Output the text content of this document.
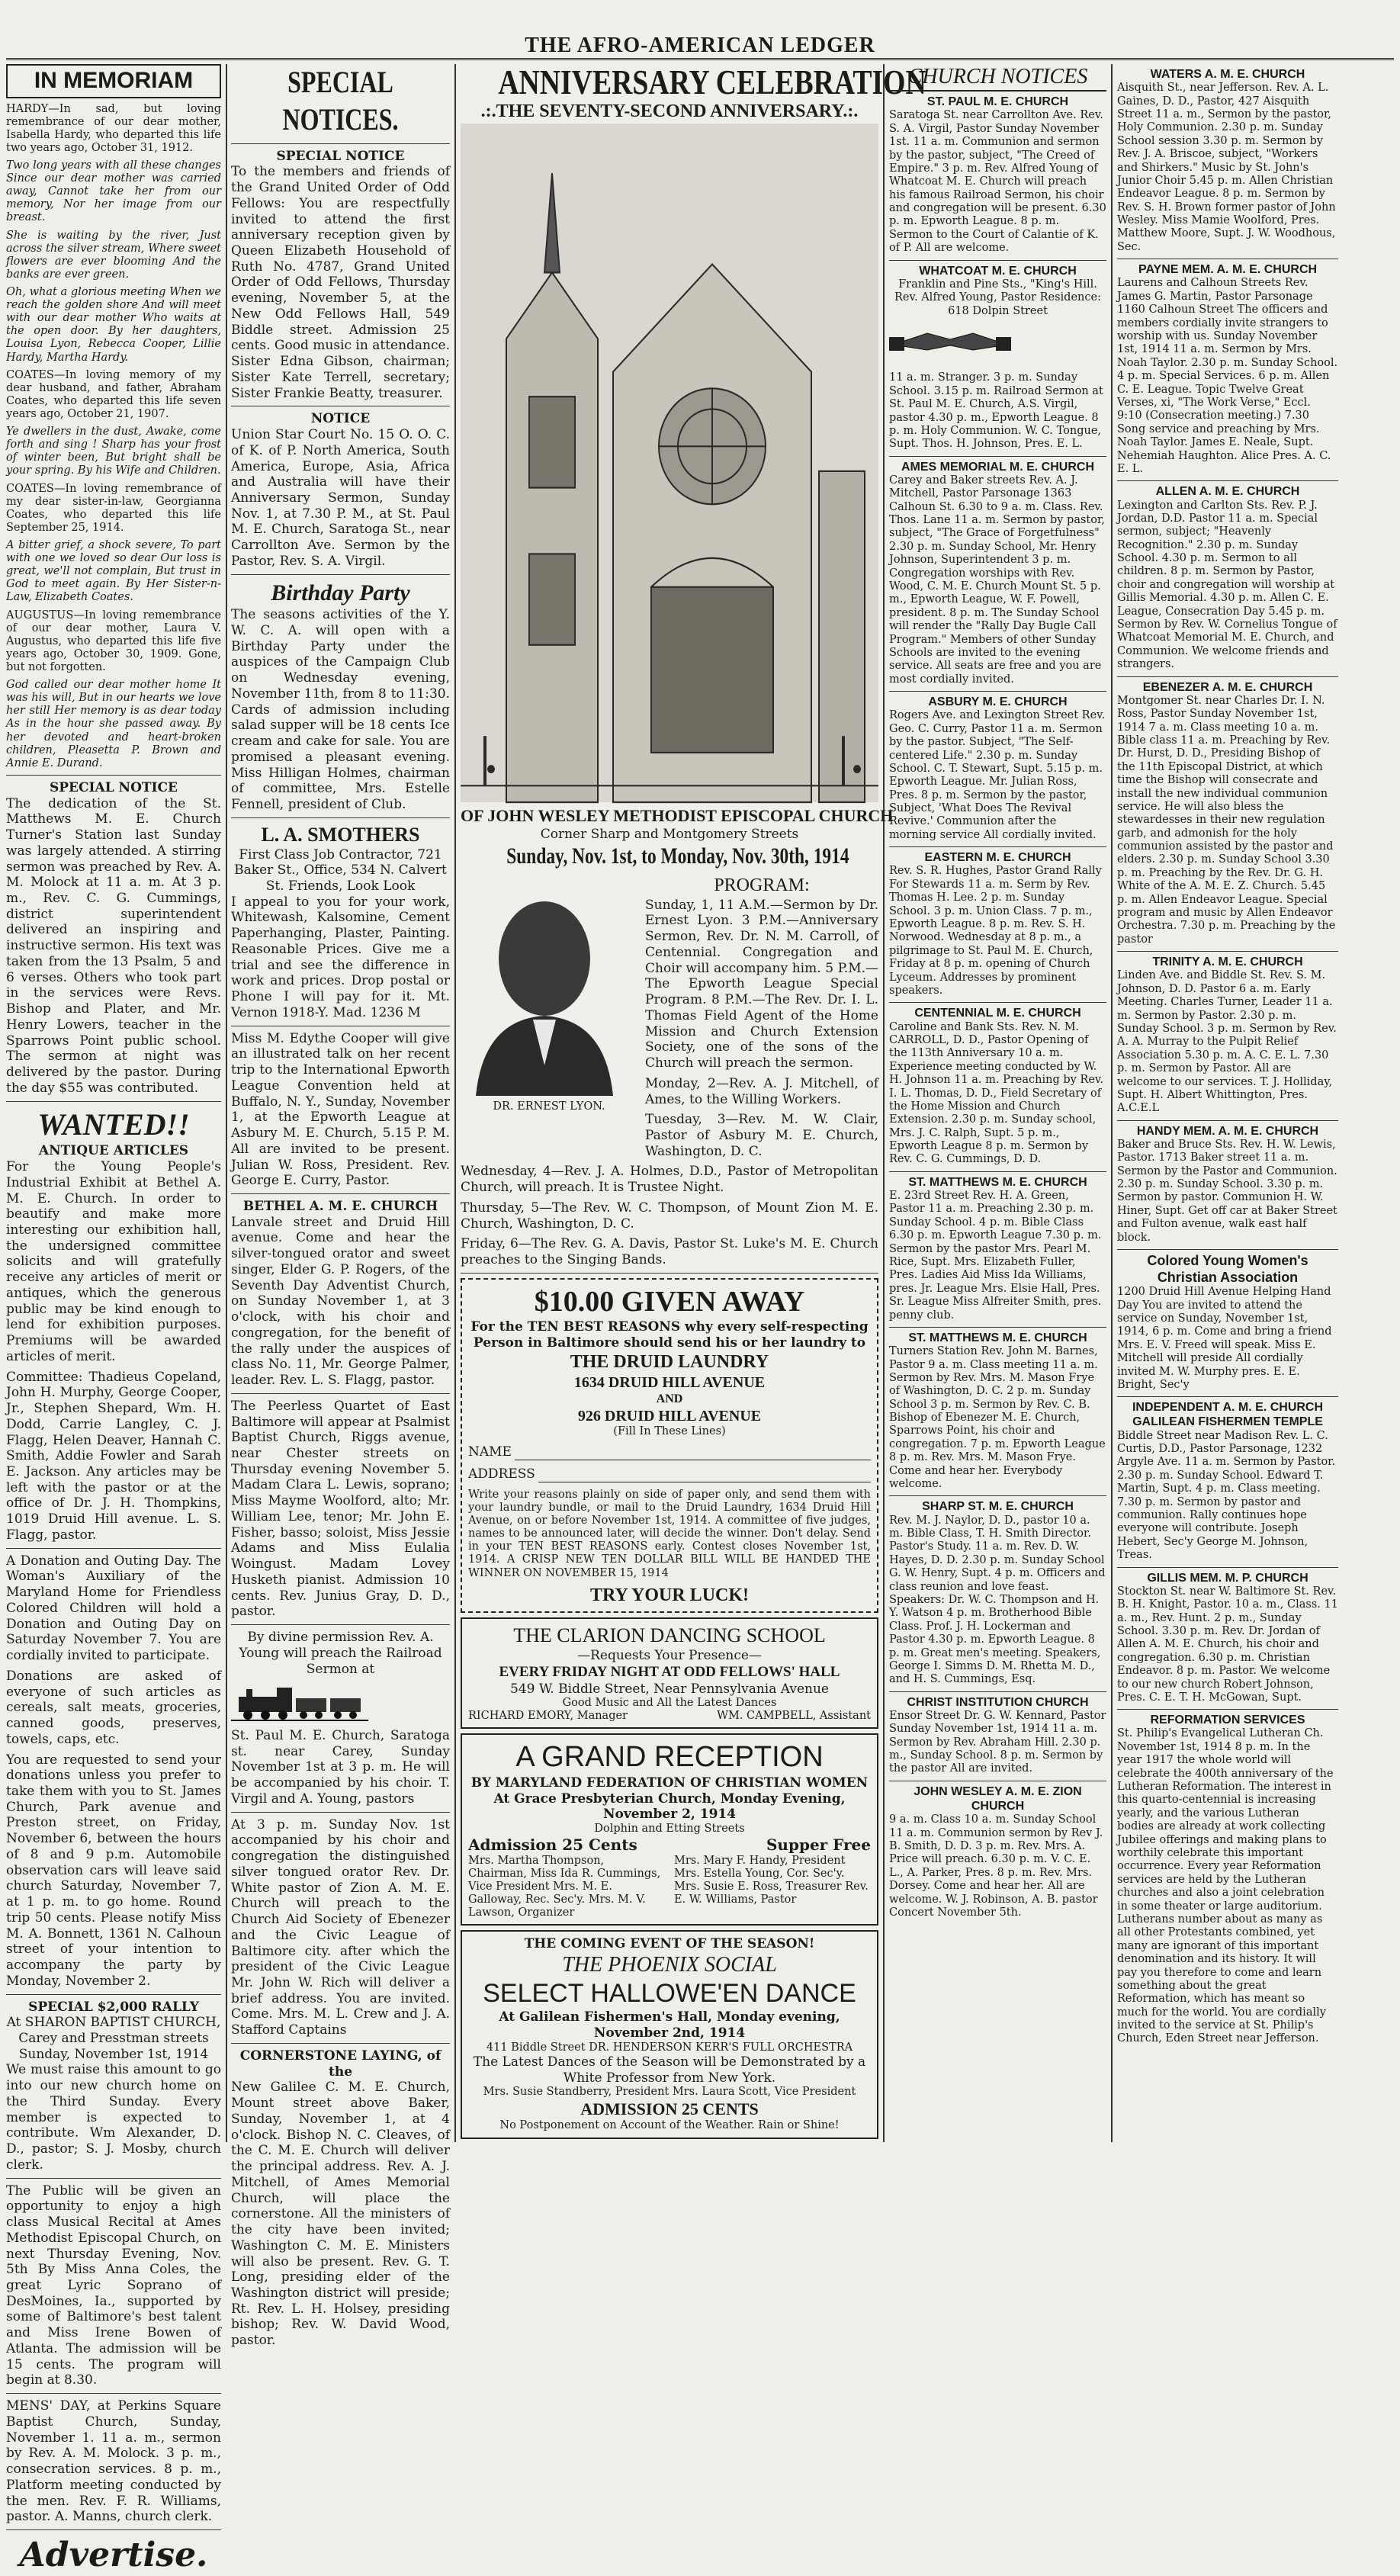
THE AFRO-AMERICAN LEDGER
IN MEMORIAM

HARDY—In sad, but loving remembrance of our dear mother, Isabella Hardy, who departed this life two years ago, October 31, 1912.

Two long years with all these changes Since our dear mother was carried away, Cannot take her from our memory, Nor her image from our breast.

She is waiting by the river, Just across the silver stream, Where sweet flowers are ever blooming And the banks are ever green.

Oh, what a glorious meeting When we reach the golden shore And will meet with our dear mother Who waits at the open door. By her daughters, Louisa Lyon, Rebecca Cooper, Lillie Hardy, Martha Hardy.

COATES—In loving memory of my dear husband, and father, Abraham Coates, who departed this life seven years ago, October 21, 1907.

Ye dwellers in the dust, Awake, come forth and sing ! Sharp has your frost of winter been, But bright shall be your spring. By his Wife and Children.

COATES—In loving remembrance of my dear sister-in-law, Georgianna Coates, who departed this life September 25, 1914.

A bitter grief, a shock severe, To part with one we loved so dear Our loss is great, we'll not complain, But trust in God to meet again. By Her Sister-n-Law, Elizabeth Coates.

AUGUSTUS—In loving remembrance of our dear mother, Laura V. Augustus, who departed this life five years ago, October 30, 1909. Gone, but not forgotten.

God called our dear mother home It was his will, But in our hearts we love her still Her memory is as dear today As in the hour she passed away. By her devoted and heart-broken children, Pleasetta P. Brown and Annie E. Durand.

SPECIAL NOTICE

The dedication of the St. Matthews M. E. Church Turner's Station last Sunday was largely attended. A stirring sermon was preached by Rev. A. M. Molock at 11 a. m. At 3 p. m., Rev. C. G. Cummings, district superintendent delivered an inspiring and instructive sermon. His text was taken from the 13 Psalm, 5 and 6 verses. Others who took part in the services were Revs. Bishop and Plater, and Mr. Henry Lowers, teacher in the Sparrows Point public school. The sermon at night was delivered by the pastor. During the day $55 was contributed.

WANTED!!
ANTIQUE ARTICLES

For the Young People's Industrial Exhibit at Bethel A. M. E. Church. In order to beautify and make more interesting our exhibition hall, the undersigned committee solicits and will gratefully receive any articles of merit or antiques, which the generous public may be kind enough to lend for exhibition purposes. Premiums will be awarded articles of merit.

Committee: Thadieus Copeland, John H. Murphy, George Cooper, Jr., Stephen Shepard, Wm. H. Dodd, Carrie Langley, C. J. Flagg, Helen Deaver, Hannah C. Smith, Addie Fowler and Sarah E. Jackson. Any articles may be left with the pastor or at the office of Dr. J. H. Thompkins, 1019 Druid Hill avenue. L. S. Flagg, pastor.

A Donation and Outing Day. The Woman's Auxiliary of the Maryland Home for Friendless Colored Children will hold a Donation and Outing Day on Saturday November 7. You are cordially invited to participate.

Donations are asked of everyone of such articles as cereals, salt meats, groceries, canned goods, preserves, towels, caps, etc.

You are requested to send your donations unless you prefer to take them with you to St. James Church, Park avenue and Preston street, on Friday, November 6, between the hours of 8 and 9 p.m. Automobile observation cars will leave said church Saturday, November 7, at 1 p. m. to go home. Round trip 50 cents. Please notify Miss M. A. Bonnett, 1361 N. Calhoun street of your intention to accompany the party by Monday, November 2.

SPECIAL $2,000 RALLY
At SHARON BAPTIST CHURCH, Carey and Presstman streets Sunday, November 1st, 1914

We must raise this amount to go into our new church home on the Third Sunday. Every member is expected to contribute. Wm Alexander, D. D., pastor; S. J. Mosby, church clerk.

The Public will be given an opportunity to enjoy a high class Musical Recital at Ames Methodist Episcopal Church, on next Thursday Evening, Nov. 5th By Miss Anna Coles, the great Lyric Soprano of DesMoines, Ia., supported by some of Baltimore's best talent and Miss Irene Bowen of Atlanta. The admission will be 15 cents. The program will begin at 8.30.

MENS' DAY, at Perkins Square Baptist Church, Sunday, November 1. 11 a. m., sermon by Rev. A. M. Molock. 3 p. m., consecration services. 8 p. m., Platform meeting conducted by the men. Rev. F. R. Williams, pastor. A. Manns, church clerk.

Advertise.
SPECIAL NOTICES.
SPECIAL NOTICE

To the members and friends of the Grand United Order of Odd Fellows: You are respectfully invited to attend the first anniversary reception given by Queen Elizabeth Household of Ruth No. 4787, Grand United Order of Odd Fellows, Thursday evening, November 5, at the New Odd Fellows Hall, 549 Biddle street. Admission 25 cents. Good music in attendance. Sister Edna Gibson, chairman; Sister Kate Terrell, secretary; Sister Frankie Beatty, treasurer.

NOTICE

Union Star Court No. 15 O. O. C. of K. of P. North America, South America, Europe, Asia, Africa and Australia will have their Anniversary Sermon, Sunday Nov. 1, at 7.30 P. M., at St. Paul M. E. Church, Saratoga St., near Carrollton Ave. Sermon by the Pastor, Rev. S. A. Virgil.

Birthday Party

The seasons activities of the Y. W. C. A. will open with a Birthday Party under the auspices of the Campaign Club on Wednesday evening, November 11th, from 8 to 11:30. Cards of admission including salad supper will be 18 cents Ice cream and cake for sale. You are promised a pleasant evening. Miss Hilligan Holmes, chairman of committee, Mrs. Estelle Fennell, president of Club.

L. A. SMOTHERS
First Class Job Contractor, 721 Baker St., Office, 534 N. Calvert St. Friends, Look Look

I appeal to you for your work, Whitewash, Kalsomine, Cement Paperhanging, Plaster, Painting. Reasonable Prices. Give me a trial and see the difference in work and prices. Drop postal or Phone I will pay for it. Mt. Vernon 1918-Y. Mad. 1236 M

Miss M. Edythe Cooper will give an illustrated talk on her recent trip to the International Epworth League Convention held at Buffalo, N. Y., Sunday, November 1, at the Epworth League at Asbury M. E. Church, 5.15 P. M. All are invited to be present. Julian W. Ross, President. Rev. George E. Curry, Pastor.

BETHEL A. M. E. CHURCH

Lanvale street and Druid Hill avenue. Come and hear the silver-tongued orator and sweet singer, Elder G. P. Rogers, of the Seventh Day Adventist Church, on Sunday November 1, at 3 o'clock, with his choir and congregation, for the benefit of the rally under the auspices of class No. 11, Mr. George Palmer, leader. Rev. L. S. Flagg, pastor.

The Peerless Quartet of East Baltimore will appear at Psalmist Baptist Church, Riggs avenue, near Chester streets on Thursday evening November 5. Madam Clara L. Lewis, soprano; Miss Mayme Woolford, alto; Mr. William Lee, tenor; Mr. John E. Fisher, basso; soloist, Miss Jessie Adams and Miss Eulalia Woingust. Madam Lovey Husketh pianist. Admission 10 cents. Rev. Junius Gray, D. D., pastor.

By divine permission Rev. A. Young will preach the Railroad Sermon at

St. Paul M. E. Church, Saratoga st. near Carey, Sunday November 1st at 3 p. m. He will be accompanied by his choir. T. Virgil and A. Young, pastors

At 3 p. m. Sunday Nov. 1st accompanied by his choir and congregation the distinguished silver tongued orator Rev. Dr. White pastor of Zion A. M. E. Church will preach to the Church Aid Society of Ebenezer and the Civic League of Baltimore city. after which the president of the Civic League Mr. John W. Rich will deliver a brief address. You are invited. Come. Mrs. M. L. Crew and J. A. Stafford Captains

CORNERSTONE LAYING, of the

New Galilee C. M. E. Church, Mount street above Baker, Sunday, November 1, at 4 o'clock. Bishop N. C. Cleaves, of the C. M. E. Church will deliver the principal address. Rev. A. J. Mitchell, of Ames Memorial Church, will place the cornerstone. All the ministers of the city have been invited; Washington C. M. E. Ministers will also be present. Rev. G. T. Long, presiding elder of the Washington district will preside; Rt. Rev. L. H. Holsey, presiding bishop; Rev. W. David Wood, pastor.

ANNIVERSARY CELEBRATION
.:.THE SEVENTY-SECOND ANNIVERSARY.:.
OF JOHN WESLEY METHODIST EPISCOPAL CHURCH
Corner Sharp and Montgomery Streets
Sunday, Nov. 1st, to Monday, Nov. 30th, 1914
DR. ERNEST LYON.
PROGRAM:

Sunday, 1, 11 A.M.—Sermon by Dr. Ernest Lyon. 3 P.M.—Anniversary Sermon, Rev. Dr. N. M. Carroll, of Centennial. Congregation and Choir will accompany him. 5 P.M.—The Epworth League Special Program. 8 P.M.—The Rev. Dr. I. L. Thomas Field Agent of the Home Mission and Church Extension Society, one of the sons of the Church will preach the sermon.

Monday, 2—Rev. A. J. Mitchell, of Ames, to the Willing Workers.

Tuesday, 3—Rev. M. W. Clair, Pastor of Asbury M. E. Church, Washington, D. C.

Wednesday, 4—Rev. J. A. Holmes, D.D., Pastor of Metropolitan Church, will preach. It is Trustee Night.

Thursday, 5—The Rev. W. C. Thompson, of Mount Zion M. E. Church, Washington, D. C.

Friday, 6—The Rev. G. A. Davis, Pastor St. Luke's M. E. Church preaches to the Singing Bands.

$10.00 GIVEN AWAY
For the TEN BEST REASONS why every self-respecting Person in Baltimore should send his or her laundry to
THE DRUID LAUNDRY
1634 DRUID HILL AVENUE
AND
926 DRUID HILL AVENUE
(Fill In These Lines)
NAME
ADDRESS

Write your reasons plainly on side of paper only, and send them with your laundry bundle, or mail to the Druid Laundry, 1634 Druid Hill Avenue, on or before November 1st, 1914. A committee of five judges, names to be announced later, will decide the winner. Don't delay. Send in your TEN BEST REASONS early. Contest closes November 1st, 1914. A CRISP NEW TEN DOLLAR BILL WILL BE HANDED THE WINNER ON NOVEMBER 15, 1914

TRY YOUR LUCK!
THE CLARION DANCING SCHOOL
—Requests Your Presence—
EVERY FRIDAY NIGHT AT ODD FELLOWS' HALL
549 W. Biddle Street, Near Pennsylvania Avenue
Good Music and All the Latest Dances
RICHARD EMORY, Manager	WM. CAMPBELL, Assistant
A GRAND RECEPTION
BY MARYLAND FEDERATION OF CHRISTIAN WOMEN
At Grace Presbyterian Church, Monday Evening, November 2, 1914
Dolphin and Etting Streets
Admission 25 Cents	Supper Free
Mrs. Martha Thompson, Chairman, Miss Ida R. Cummings, Vice President Mrs. M. E. Galloway, Rec. Sec'y. Mrs. M. V. Lawson, Organizer
Mrs. Mary F. Handy, President Mrs. Estella Young, Cor. Sec'y. Mrs. Susie E. Ross, Treasurer Rev. E. W. Williams, Pastor
THE COMING EVENT OF THE SEASON!
THE PHOENIX SOCIAL
SELECT HALLOWE'EN DANCE
At Galilean Fishermen's Hall, Monday evening, November 2nd, 1914
411 Biddle Street DR. HENDERSON KERR'S FULL ORCHESTRA
The Latest Dances of the Season will be Demonstrated by a White Professor from New York.
Mrs. Susie Standberry, President Mrs. Laura Scott, Vice President
ADMISSION 25 CENTS
No Postponement on Account of the Weather. Rain or Shine!
CHURCH NOTICES
ST. PAUL M. E. CHURCH
Saratoga St. near Carrollton Ave. Rev. S. A. Virgil, Pastor Sunday November 1st. 11 a. m. Communion and sermon by the pastor, subject, "The Creed of Empire." 3 p. m. Rev. Alfred Young of Whatcoat M. E. Church will preach his famous Railroad Sermon, his choir and congregation will be present. 6.30 p. m. Epworth League. 8 p. m. Sermon to the Court of Calantie of K. of P. All are welcome.
WHATCOAT M. E. CHURCH
Franklin and Pine Sts., "King's Hill. Rev. Alfred Young, Pastor Residence: 618 Dolpin Street
11 a. m. Stranger. 3 p. m. Sunday School. 3.15 p. m. Railroad Sermon at St. Paul M. E. Church, A.S. Virgil, pastor 4.30 p. m., Epworth League. 8 p. m. Holy Communion. W. C. Tongue, Supt. Thos. H. Johnson, Pres. E. L.
AMES MEMORIAL M. E. CHURCH
Carey and Baker streets Rev. A. J. Mitchell, Pastor Parsonage 1363 Calhoun St. 6.30 to 9 a. m. Class. Rev. Thos. Lane 11 a. m. Sermon by pastor, subject, "The Grace of Forgetfulness" 2.30 p. m. Sunday School, Mr. Henry Johnson, Superintendent 3 p. m. Congregation worships with Rev. Wood, C. M. E. Church Mount St. 5 p. m., Epworth League, W. F. Powell, president. 8 p. m. The Sunday School will render the "Rally Day Bugle Call Program." Members of other Sunday Schools are invited to the evening service. All seats are free and you are most cordially invited.
ASBURY M. E. CHURCH
Rogers Ave. and Lexington Street Rev. Geo. C. Curry, Pastor 11 a. m. Sermon by the pastor. Subject, "The Self-centered Life." 2.30 p. m. Sunday School. C. T. Stewart, Supt. 5.15 p. m. Epworth League. Mr. Julian Ross, Pres. 8 p. m. Sermon by the pastor, Subject, 'What Does The Revival Revive.' Communion after the morning service All cordially invited.
EASTERN M. E. CHURCH
Rev. S. R. Hughes, Pastor Grand Rally For Stewards 11 a. m. Serm by Rev. Thomas H. Lee. 2 p. m. Sunday School. 3 p. m. Union Class. 7 p. m., Epworth League. 8 p. m. Rev. S. H. Norwood. Wednesday at 8 p. m., a pilgrimage to St. Paul M. E. Church, Friday at 8 p. m. opening of Church Lyceum. Addresses by prominent speakers.
CENTENNIAL M. E. CHURCH
Caroline and Bank Sts. Rev. N. M. CARROLL, D. D., Pastor Opening of the 113th Anniversary 10 a. m. Experience meeting conducted by W. H. Johnson 11 a. m. Preaching by Rev. I. L. Thomas, D. D., Field Secretary of the Home Mission and Church Extension. 2.30 p. m. Sunday school, Mrs. J. C. Ralph, Supt. 5 p. m., Epworth League 8 p. m. Sermon by Rev. C. G. Cummings, D. D.
ST. MATTHEWS M. E. CHURCH
E. 23rd Street Rev. H. A. Green, Pastor 11 a. m. Preaching 2.30 p. m. Sunday School. 4 p. m. Bible Class 6.30 p. m. Epworth League 7.30 p. m. Sermon by the pastor Mrs. Pearl M. Rice, Supt. Mrs. Elizabeth Fuller, Pres. Ladies Aid Miss Ida Williams, pres. Jr. League Mrs. Elsie Hall, Pres. Sr. League Miss Alfreiter Smith, pres. penny club.
ST. MATTHEWS M. E. CHURCH
Turners Station Rev. John M. Barnes, Pastor 9 a. m. Class meeting 11 a. m. Sermon by Rev. Mrs. M. Mason Frye of Washington, D. C. 2 p. m. Sunday School 3 p. m. Sermon by Rev. C. B. Bishop of Ebenezer M. E. Church, Sparrows Point, his choir and congregation. 7 p. m. Epworth League 8 p. m. Rev. Mrs. M. Mason Frye. Come and hear her. Everybody welcome.
SHARP ST. M. E. CHURCH
Rev. M. J. Naylor, D. D., pastor 10 a. m. Bible Class, T. H. Smith Director. Pastor's Study. 11 a. m. Rev. D. W. Hayes, D. D. 2.30 p. m. Sunday School G. W. Henry, Supt. 4 p. m. Officers and class reunion and love feast. Speakers: Dr. W. C. Thompson and H. Y. Watson 4 p. m. Brotherhood Bible Class. Prof. J. H. Lockerman and Pastor 4.30 p. m. Epworth League. 8 p. m. Great men's meeting. Speakers, George I. Simms D. M. Rhetta M. D., and H. S. Cummings, Esq.
CHRIST INSTITUTION CHURCH
Ensor Street Dr. G. W. Kennard, Pastor Sunday November 1st, 1914 11 a. m. Sermon by Rev. Abraham Hill. 2.30 p. m., Sunday School. 8 p. m. Sermon by the pastor All are invited.
JOHN WESLEY A. M. E. ZION CHURCH
9 a. m. Class 10 a. m. Sunday School 11 a. m. Communion sermon by Rev J. B. Smith, D. D. 3 p. m. Rev. Mrs. A. Price will preach. 6.30 p. m. V. C. E. L., A. Parker, Pres. 8 p. m. Rev. Mrs. Dorsey. Come and hear her. All are welcome. W. J. Robinson, A. B. pastor Concert November 5th.
WATERS A. M. E. CHURCH
Aisquith St., near Jefferson. Rev. A. L. Gaines, D. D., Pastor, 427 Aisquith Street 11 a. m., Sermon by the pastor, Holy Communion. 2.30 p. m. Sunday School session 3.30 p. m. Sermon by Rev. J. A. Briscoe, subject, "Workers and Shirkers." Music by St. John's Junior Choir 5.45 p. m. Allen Christian Endeavor League. 8 p. m. Sermon by Rev. S. H. Brown former pastor of John Wesley. Miss Mamie Woolford, Pres. Matthew Moore, Supt. J. W. Woodhous, Sec.
PAYNE MEM. A. M. E. CHURCH
Laurens and Calhoun Streets Rev. James G. Martin, Pastor Parsonage 1160 Calhoun Street The officers and members cordially invite strangers to worship with us. Sunday November 1st, 1914 11 a. m. Sermon by Mrs. Noah Taylor. 2.30 p. m. Sunday School. 4 p. m. Special Services. 6 p. m. Allen C. E. League. Topic Twelve Great Verses, xi, "The Work Verse," Eccl. 9:10 (Consecration meeting.) 7.30 Song service and preaching by Mrs. Noah Taylor. James E. Neale, Supt. Nehemiah Haughton. Alice Pres. A. C. E. L.
ALLEN A. M. E. CHURCH
Lexington and Carlton Sts. Rev. P. J. Jordan, D.D. Pastor 11 a. m. Special sermon, subject; "Heavenly Recognition." 2.30 p. m. Sunday School. 4.30 p. m. Sermon to all children. 8 p. m. Sermon by Pastor, choir and congregation will worship at Gillis Memorial. 4.30 p. m. Allen C. E. League, Consecration Day 5.45 p. m. Sermon by Rev. W. Cornelius Tongue of Whatcoat Memorial M. E. Church, and Communion. We welcome friends and strangers.
EBENEZER A. M. E. CHURCH
Montgomer St. near Charles Dr. I. N. Ross, Pastor Sunday November 1st, 1914 7 a. m. Class meeting 10 a. m. Bible class 11 a. m. Preaching by Rev. Dr. Hurst, D. D., Presiding Bishop of the 11th Episcopal District, at which time the Bishop will consecrate and install the new individual communion service. He will also bless the stewardesses in their new regulation garb, and admonish for the holy communion assisted by the pastor and elders. 2.30 p. m. Sunday School 3.30 p. m. Preaching by the Rev. Dr. G. H. White of the A. M. E. Z. Church. 5.45 p. m. Allen Endeavor League. Special program and music by Allen Endeavor Orchestra. 7.30 p. m. Preaching by the pastor
TRINITY A. M. E. CHURCH
Linden Ave. and Biddle St. Rev. S. M. Johnson, D. D. Pastor 6 a. m. Early Meeting. Charles Turner, Leader 11 a. m. Sermon by Pastor. 2.30 p. m. Sunday School. 3 p. m. Sermon by Rev. A. A. Murray to the Pulpit Relief Association 5.30 p. m. A. C. E. L. 7.30 p. m. Sermon by Pastor. All are welcome to our services. T. J. Holliday, Supt. H. Albert Whittington, Pres. A.C.E.L
HANDY MEM. A. M. E. CHURCH
Baker and Bruce Sts. Rev. H. W. Lewis, Pastor. 1713 Baker street 11 a. m. Sermon by the Pastor and Communion. 2.30 p. m. Sunday School. 3.30 p. m. Sermon by pastor. Communion H. W. Hiner, Supt. Get off car at Baker Street and Fulton avenue, walk east half block.
Colored Young Women's Christian Association
1200 Druid Hill Avenue Helping Hand Day You are invited to attend the service on Sunday, November 1st, 1914, 6 p. m. Come and bring a friend Mrs. E. V. Freed will speak. Miss E. Mitchell will preside All cordially invited M. W. Murphy pres. E. E. Bright, Sec'y
INDEPENDENT A. M. E. CHURCH GALILEAN FISHERMEN TEMPLE
Biddle Street near Madison Rev. L. C. Curtis, D.D., Pastor Parsonage, 1232 Argyle Ave. 11 a. m. Sermon by Pastor. 2.30 p. m. Sunday School. Edward T. Martin, Supt. 4 p. m. Class meeting. 7.30 p. m. Sermon by pastor and communion. Rally continues hope everyone will contribute. Joseph Hebert, Sec'y George M. Johnson, Treas.
GILLIS MEM. M. P. CHURCH
Stockton St. near W. Baltimore St. Rev. B. H. Knight, Pastor. 10 a. m., Class. 11 a. m., Rev. Hunt. 2 p. m., Sunday School. 3.30 p. m. Rev. Dr. Jordan of Allen A. M. E. Church, his choir and congregation. 6.30 p. m. Christian Endeavor. 8 p. m. Pastor. We welcome to our new church Robert Johnson, Pres. C. E. T. H. McGowan, Supt.
REFORMATION SERVICES
St. Philip's Evangelical Lutheran Ch. November 1st, 1914 8 p. m. In the year 1917 the whole world will celebrate the 400th anniversary of the Lutheran Reformation. The interest in this quarto-centennial is increasing yearly, and the various Lutheran bodies are already at work collecting Jubilee offerings and making plans to worthily celebrate this important occurrence. Every year Reformation services are held by the Lutheran churches and also a joint celebration in some theater or large auditorium. Lutherans number about as many as all other Protestants combined, yet many are ignorant of this important denomination and its history. It will pay you therefore to come and learn something about the great Reformation, which has meant so much for the world. You are cordially invited to the service at St. Philip's Church, Eden Street near Jefferson.
